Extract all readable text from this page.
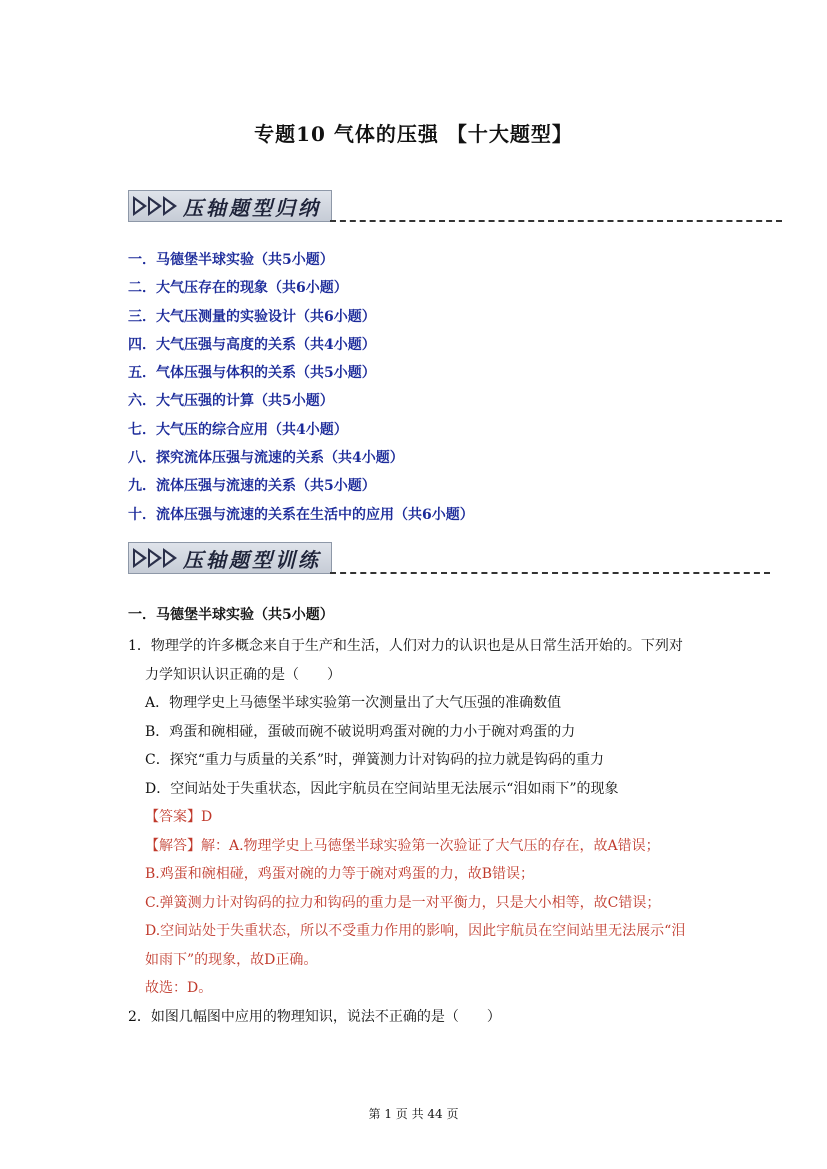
专题10 气体的压强 【十大题型】
压轴题型归纳
一．马德堡半球实验（共5小题）
二．大气压存在的现象（共6小题）
三．大气压测量的实验设计（共6小题）
四．大气压强与高度的关系（共4小题）
五．气体压强与体积的关系（共5小题）
六．大气压强的计算（共5小题）
七．大气压的综合应用（共4小题）
八．探究流体压强与流速的关系（共4小题）
九．流体压强与流速的关系（共5小题）
十．流体压强与流速的关系在生活中的应用（共6小题）
压轴题型训练
一．马德堡半球实验（共5小题）
1．物理学的许多概念来自于生产和生活，人们对力的认识也是从日常生活开始的。下列对
力学知识认识正确的是（　　）
A．物理学史上马德堡半球实验第一次测量出了大气压强的准确数值
B．鸡蛋和碗相碰，蛋破而碗不破说明鸡蛋对碗的力小于碗对鸡蛋的力
C．探究“重力与质量的关系”时，弹簧测力计对钩码的拉力就是钩码的重力
D．空间站处于失重状态，因此宇航员在空间站里无法展示“泪如雨下”的现象
【答案】D
【解答】解：A.物理学史上马德堡半球实验第一次验证了大气压的存在，故A错误；
B.鸡蛋和碗相碰，鸡蛋对碗的力等于碗对鸡蛋的力，故B错误；
C.弹簧测力计对钩码的拉力和钩码的重力是一对平衡力，只是大小相等，故C错误；
D.空间站处于失重状态，所以不受重力作用的影响，因此宇航员在空间站里无法展示“泪
如雨下”的现象，故D正确。
故选：D。
2．如图几幅图中应用的物理知识，说法不正确的是（　　）
第 1 页 共 44 页
